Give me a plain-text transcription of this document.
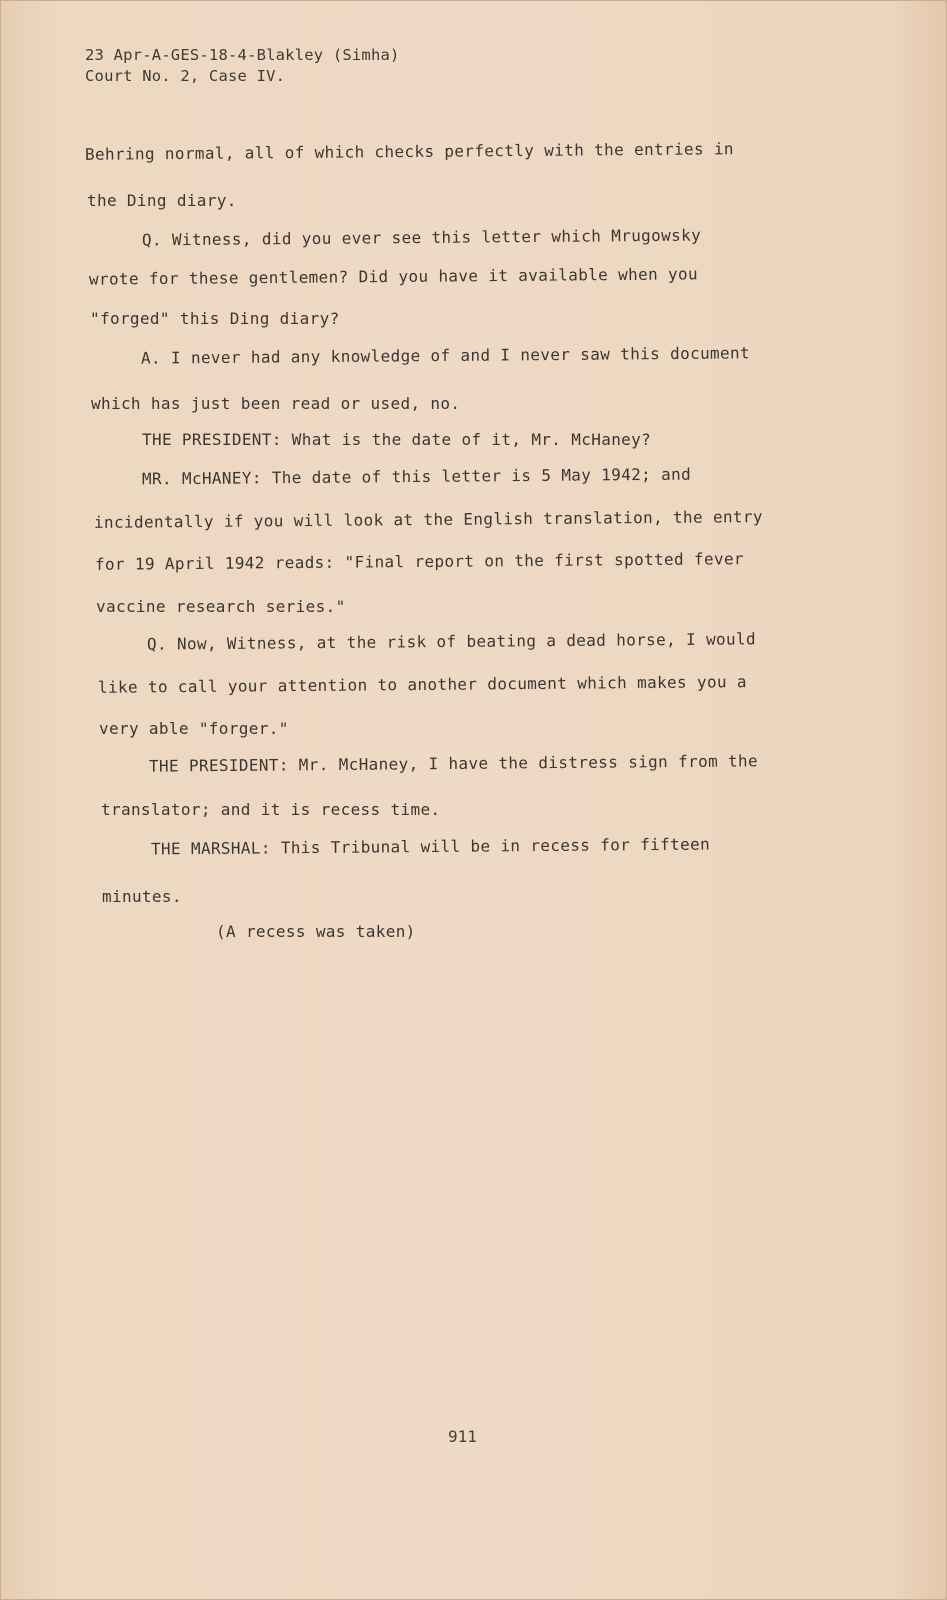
23 Apr-A-GES-18-4-Blakley (Simha)
Court No. 2, Case IV.
Behring normal, all of which checks perfectly with the entries in
the Ding diary.
Q. Witness, did you ever see this letter which Mrugowsky
wrote for these gentlemen? Did you have it available when you
"forged" this Ding diary?
A. I never had any knowledge of and I never saw this document
which has just been read or used, no.
THE PRESIDENT: What is the date of it, Mr. McHaney?
MR. McHANEY: The date of this letter is 5 May 1942; and
incidentally if you will look at the English translation, the entry
for 19 April 1942 reads: "Final report on the first spotted fever
vaccine research series."
Q. Now, Witness, at the risk of beating a dead horse, I would
like to call your attention to another document which makes you a
very able "forger."
THE PRESIDENT: Mr. McHaney, I have the distress sign from the
translator; and it is recess time.
THE MARSHAL: This Tribunal will be in recess for fifteen
minutes.
(A recess was taken)
911
